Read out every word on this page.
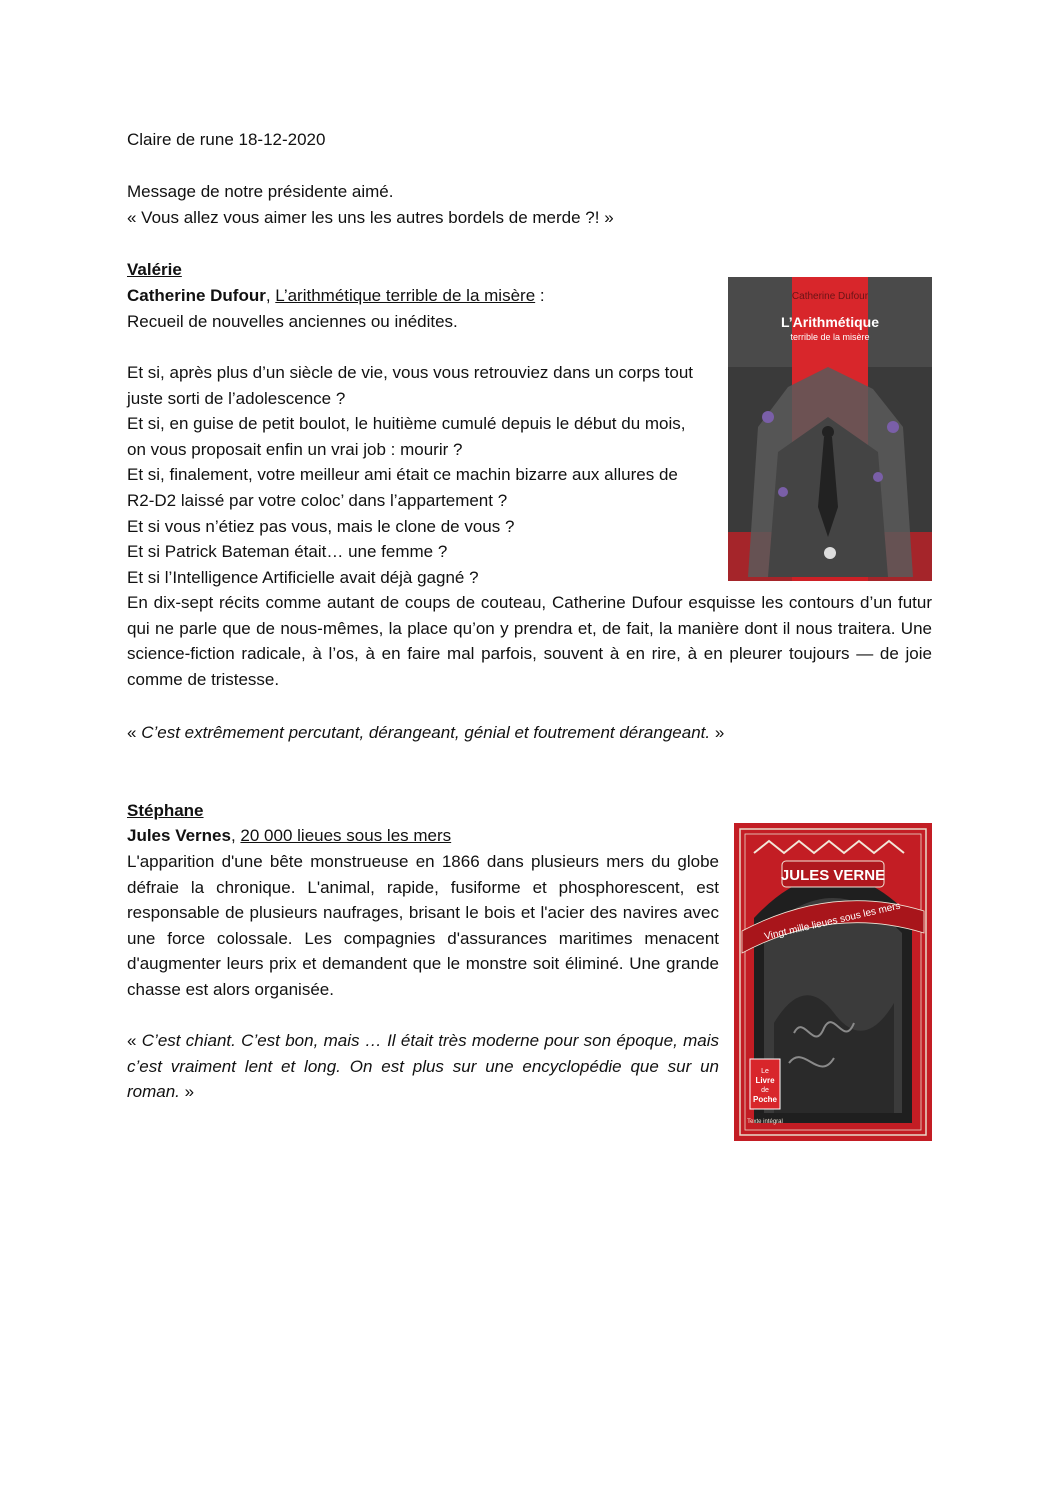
Claire de rune 18-12-2020
Message de notre présidente aimé.
« Vous allez vous aimer les uns les autres bordels de merde ?! »
Valérie
Catherine Dufour, L’arithmétique terrible de la misère :
Recueil de nouvelles anciennes ou inédites.
Et si, après plus d’un siècle de vie, vous vous retrouviez dans un corps tout
juste sorti de l’adolescence ?
Et si, en guise de petit boulot, le huitième cumulé depuis le début du mois,
on vous proposait enfin un vrai job : mourir ?
Et si, finalement, votre meilleur ami était ce machin bizarre aux allures de
R2-D2 laissé par votre coloc’ dans l’appartement ?
Et si vous n’étiez pas vous, mais le clone de vous ?
Et si Patrick Bateman était… une femme ?
Et si l’Intelligence Artificielle avait déjà gagné ?
En dix-sept récits comme autant de coups de couteau, Catherine Dufour esquisse les contours d’un futur qui ne parle que de nous-mêmes, la place qu’on y prendra et, de fait, la manière dont il nous traitera. Une science-fiction radicale, à l’os, à en faire mal parfois, souvent à en rire, à en pleurer toujours — de joie comme de tristesse.
« C’est extrêmement percutant, dérangeant, génial et foutrement dérangeant. »
Catherine Dufour
L’Arithmétique
terrible de la misère
Stéphane
Jules Vernes, 20 000 lieues sous les mers
L'apparition d'une bête monstrueuse en 1866 dans plusieurs mers du globe défraie la chronique. L'animal, rapide, fusiforme et phosphorescent, est responsable de plusieurs naufrages, brisant le bois et l'acier des navires avec une force colossale. Les compagnies d'assurances maritimes menacent d'augmenter leurs prix et demandent que le monstre soit éliminé. Une grande chasse est alors organisée.
« C’est chiant. C’est bon, mais … Il était très moderne pour son époque, mais c’est vraiment lent et long. On est plus sur une encyclopédie que sur un roman. »
JULES VERNE
Vingt mille lieues sous les mers
Le
Livre
de
Poche
Texte intégral
